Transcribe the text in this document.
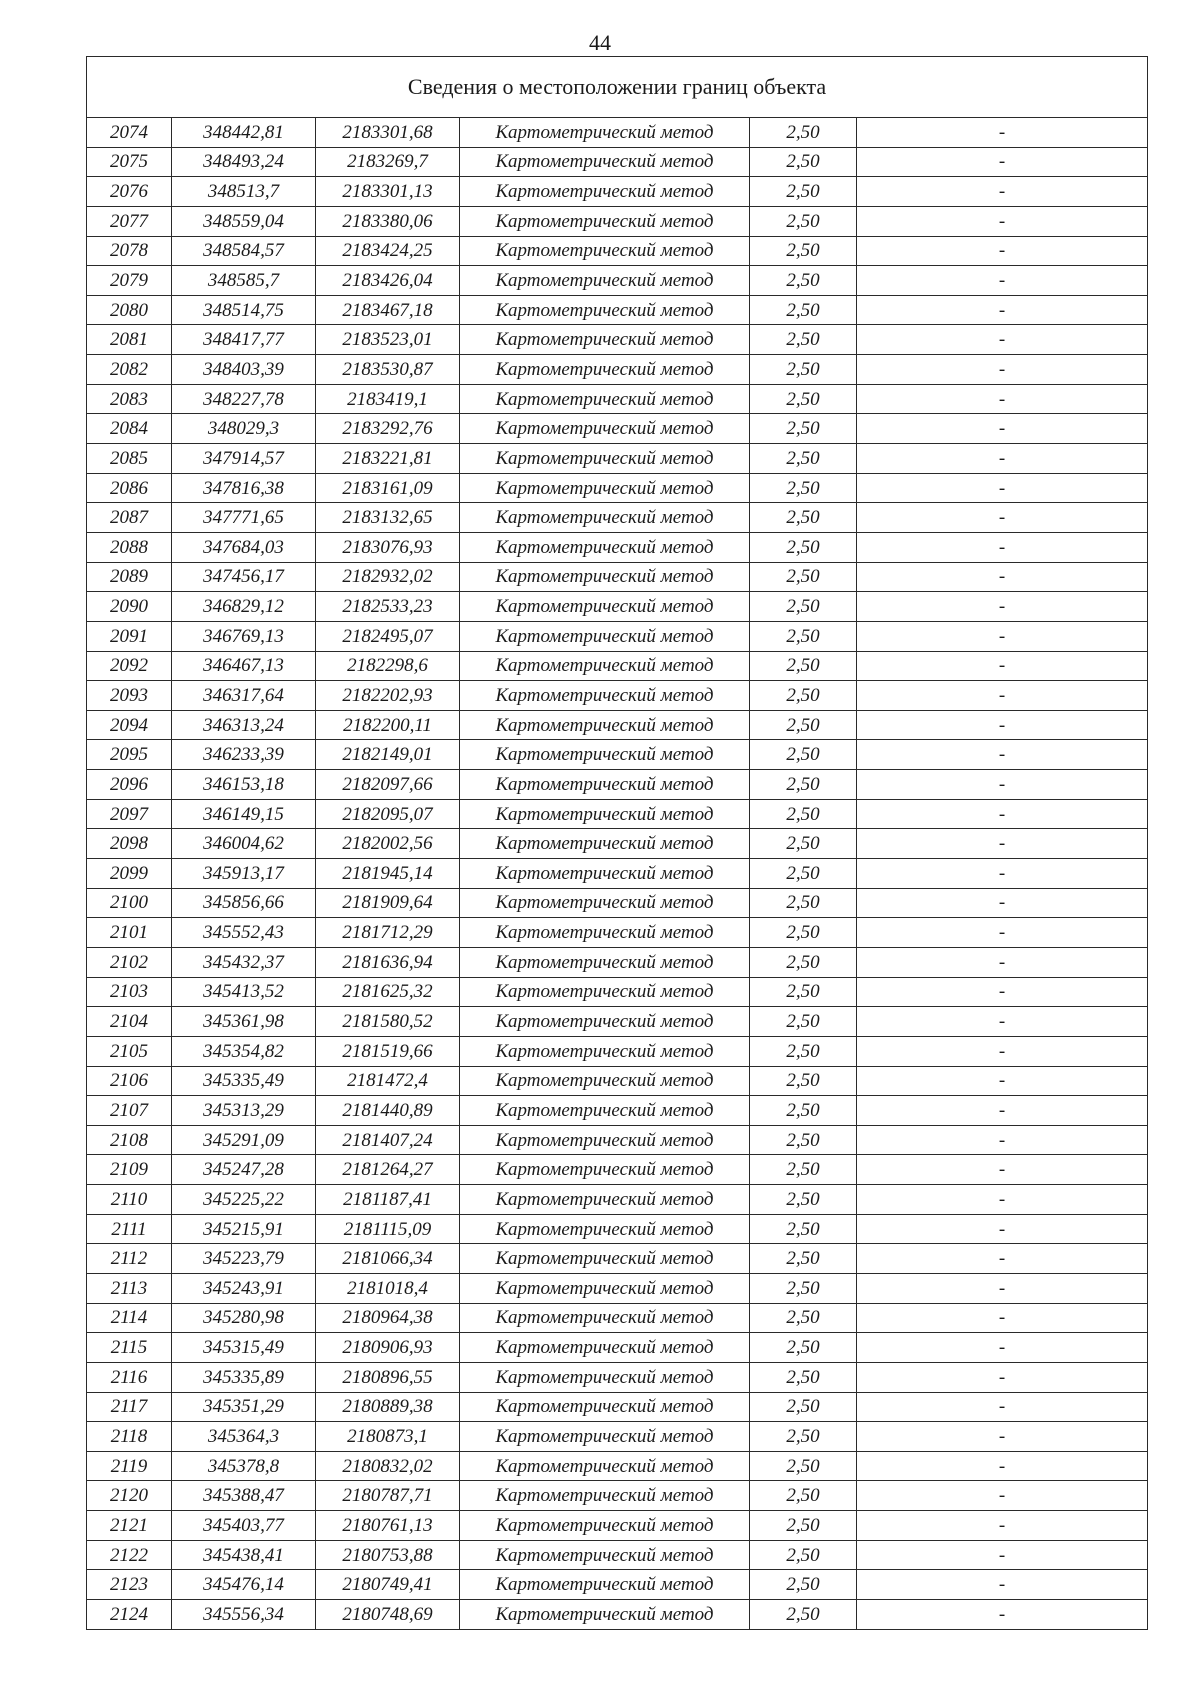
44
Сведения о местоположении границ объекта					
2074	348442,81	2183301,68	Картометрический метод	2,50	-
2075	348493,24	2183269,7	Картометрический метод	2,50	-
2076	348513,7	2183301,13	Картометрический метод	2,50	-
2077	348559,04	2183380,06	Картометрический метод	2,50	-
2078	348584,57	2183424,25	Картометрический метод	2,50	-
2079	348585,7	2183426,04	Картометрический метод	2,50	-
2080	348514,75	2183467,18	Картометрический метод	2,50	-
2081	348417,77	2183523,01	Картометрический метод	2,50	-
2082	348403,39	2183530,87	Картометрический метод	2,50	-
2083	348227,78	2183419,1	Картометрический метод	2,50	-
2084	348029,3	2183292,76	Картометрический метод	2,50	-
2085	347914,57	2183221,81	Картометрический метод	2,50	-
2086	347816,38	2183161,09	Картометрический метод	2,50	-
2087	347771,65	2183132,65	Картометрический метод	2,50	-
2088	347684,03	2183076,93	Картометрический метод	2,50	-
2089	347456,17	2182932,02	Картометрический метод	2,50	-
2090	346829,12	2182533,23	Картометрический метод	2,50	-
2091	346769,13	2182495,07	Картометрический метод	2,50	-
2092	346467,13	2182298,6	Картометрический метод	2,50	-
2093	346317,64	2182202,93	Картометрический метод	2,50	-
2094	346313,24	2182200,11	Картометрический метод	2,50	-
2095	346233,39	2182149,01	Картометрический метод	2,50	-
2096	346153,18	2182097,66	Картометрический метод	2,50	-
2097	346149,15	2182095,07	Картометрический метод	2,50	-
2098	346004,62	2182002,56	Картометрический метод	2,50	-
2099	345913,17	2181945,14	Картометрический метод	2,50	-
2100	345856,66	2181909,64	Картометрический метод	2,50	-
2101	345552,43	2181712,29	Картометрический метод	2,50	-
2102	345432,37	2181636,94	Картометрический метод	2,50	-
2103	345413,52	2181625,32	Картометрический метод	2,50	-
2104	345361,98	2181580,52	Картометрический метод	2,50	-
2105	345354,82	2181519,66	Картометрический метод	2,50	-
2106	345335,49	2181472,4	Картометрический метод	2,50	-
2107	345313,29	2181440,89	Картометрический метод	2,50	-
2108	345291,09	2181407,24	Картометрический метод	2,50	-
2109	345247,28	2181264,27	Картометрический метод	2,50	-
2110	345225,22	2181187,41	Картометрический метод	2,50	-
2111	345215,91	2181115,09	Картометрический метод	2,50	-
2112	345223,79	2181066,34	Картометрический метод	2,50	-
2113	345243,91	2181018,4	Картометрический метод	2,50	-
2114	345280,98	2180964,38	Картометрический метод	2,50	-
2115	345315,49	2180906,93	Картометрический метод	2,50	-
2116	345335,89	2180896,55	Картометрический метод	2,50	-
2117	345351,29	2180889,38	Картометрический метод	2,50	-
2118	345364,3	2180873,1	Картометрический метод	2,50	-
2119	345378,8	2180832,02	Картометрический метод	2,50	-
2120	345388,47	2180787,71	Картометрический метод	2,50	-
2121	345403,77	2180761,13	Картометрический метод	2,50	-
2122	345438,41	2180753,88	Картометрический метод	2,50	-
2123	345476,14	2180749,41	Картометрический метод	2,50	-
2124	345556,34	2180748,69	Картометрический метод	2,50	-
